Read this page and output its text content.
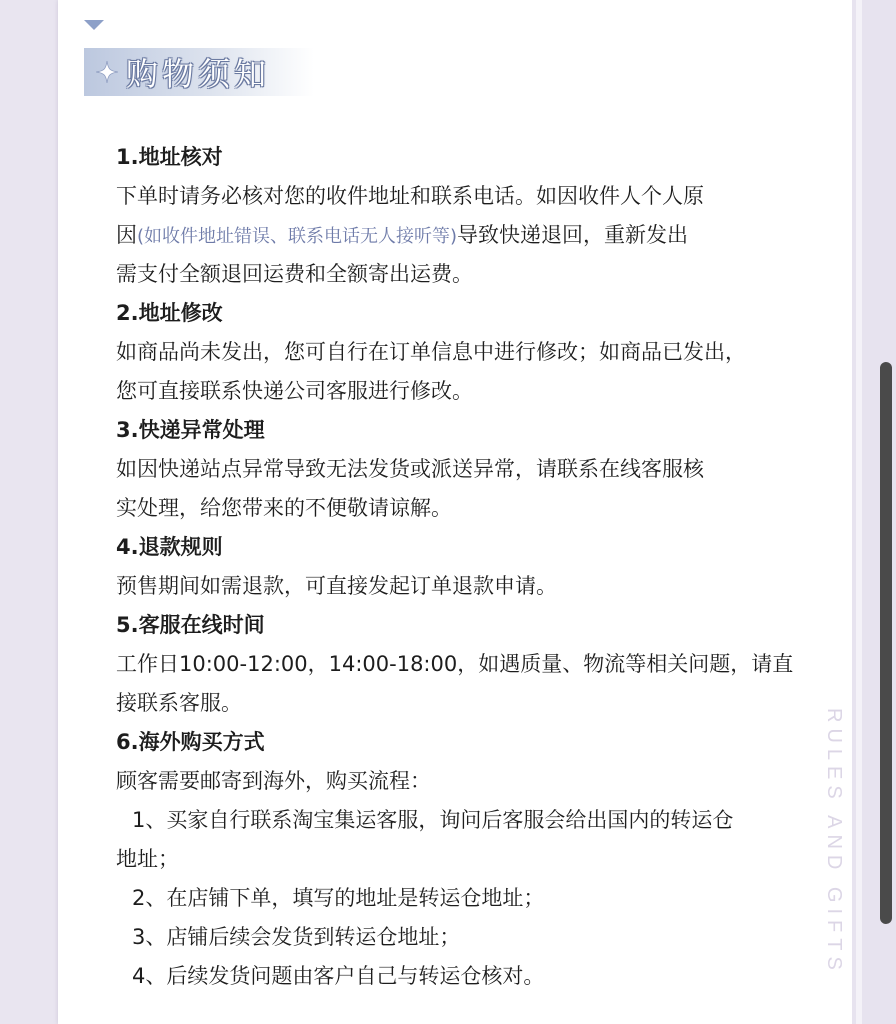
购物须知
1.地址核对
下单时请务必核对您的收件地址和联系电话。如因收件人个人原
因(如收件地址错误、联系电话无人接听等)导致快递退回，重新发出
需支付全额退回运费和全额寄出运费。
2.地址修改
如商品尚未发出，您可自行在订单信息中进行修改；如商品已发出，
您可直接联系快递公司客服进行修改。
3.快递异常处理
如因快递站点异常导致无法发货或派送异常，请联系在线客服核
实处理，给您带来的不便敬请谅解。
4.退款规则
预售期间如需退款，可直接发起订单退款申请。
5.客服在线时间
工作日10:00-12:00，14:00-18:00，如遇质量、物流等相关问题，请直
接联系客服。
6.海外购买方式
顾客需要邮寄到海外，购买流程：
1、买家自行联系淘宝集运客服，询问后客服会给出国内的转运仓
地址；
2、在店铺下单，填写的地址是转运仓地址；
3、店铺后续会发货到转运仓地址；
4、后续发货问题由客户自己与转运仓核对。
RULES AND GIFTS
